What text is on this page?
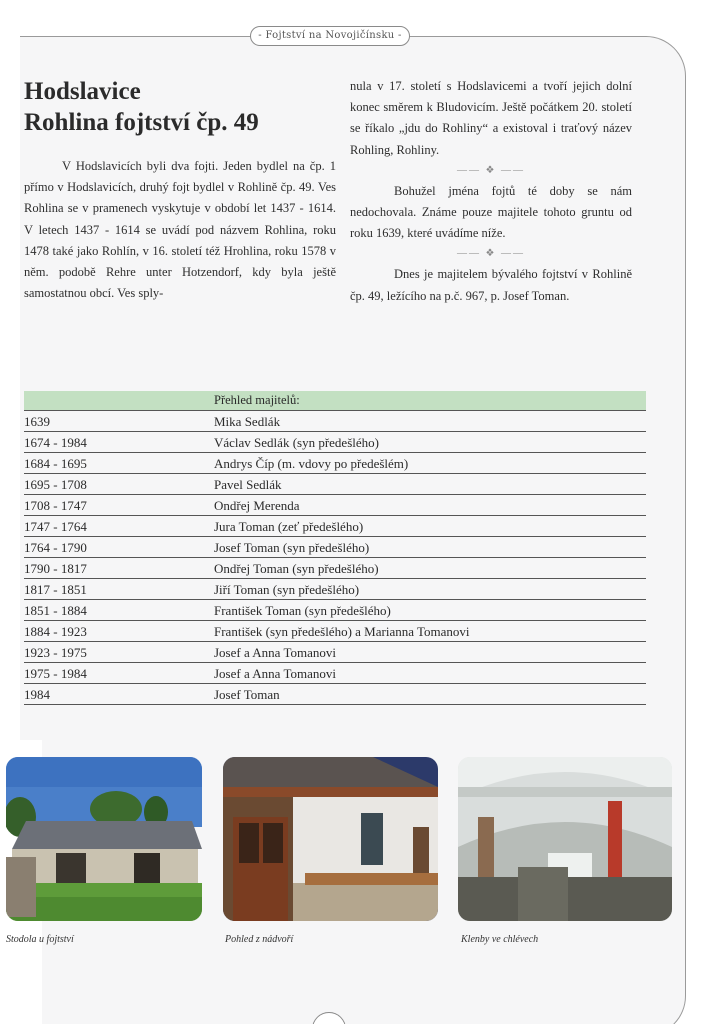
- Fojtství na Novojičínsku -
Hodslavice
Rohlina fojtství čp. 49

V Hodslavicích byli dva fojti. Jeden bydlel na čp. 1 přímo v Hodslavicích, druhý fojt bydlel v Rohlině čp. 49. Ves Rohlina se v pramenech vyskytuje v období let 1437 - 1614. V letech 1437 - 1614 se uvádí pod názvem Rohlina, roku 1478 také jako Rohlín, v 16. století též Hrohlina, roku 1578 v něm. podobě Rehre unter Hotzendorf, kdy byla ještě samostatnou obcí. Ves sply-

nula v 17. století s Hodslavicemi a tvoří jejich dolní konec směrem k Bludovicím. Ještě počátkem 20. století se říkalo „jdu do Rohliny“ a existoval i traťový název Rohling, Rohliny.

—— ❖ ——

Bohužel jména fojtů té doby se nám nedochovala. Známe pouze majitele tohoto gruntu od roku 1639, které uvádíme níže.

—— ❖ ——

Dnes je majitelem bývalého fojtství v Rohlině čp. 49, ležícího na p.č. 967, p. Josef Toman.

Přehled majitelů:
1639	Mika Sedlák
1674 - 1984	Václav Sedlák (syn předešlého)
1684 - 1695	Andrys Číp (m. vdovy po předešlém)
1695 - 1708	Pavel Sedlák
1708 - 1747	Ondřej Merenda
1747 - 1764	Jura Toman (zeť předešlého)
1764 - 1790	Josef Toman (syn předešlého)
1790 - 1817	Ondřej Toman (syn předešlého)
1817 - 1851	Jiří Toman (syn předešlého)
1851 - 1884	František Toman (syn předešlého)
1884 - 1923	František (syn předešlého) a Marianna Tomanovi
1923 - 1975	Josef a Anna Tomanovi
1975 - 1984	Josef a Anna Tomanovi
1984	Josef Toman
Stodola u fojtství	Pohled z nádvoří	Klenby ve chlévech
